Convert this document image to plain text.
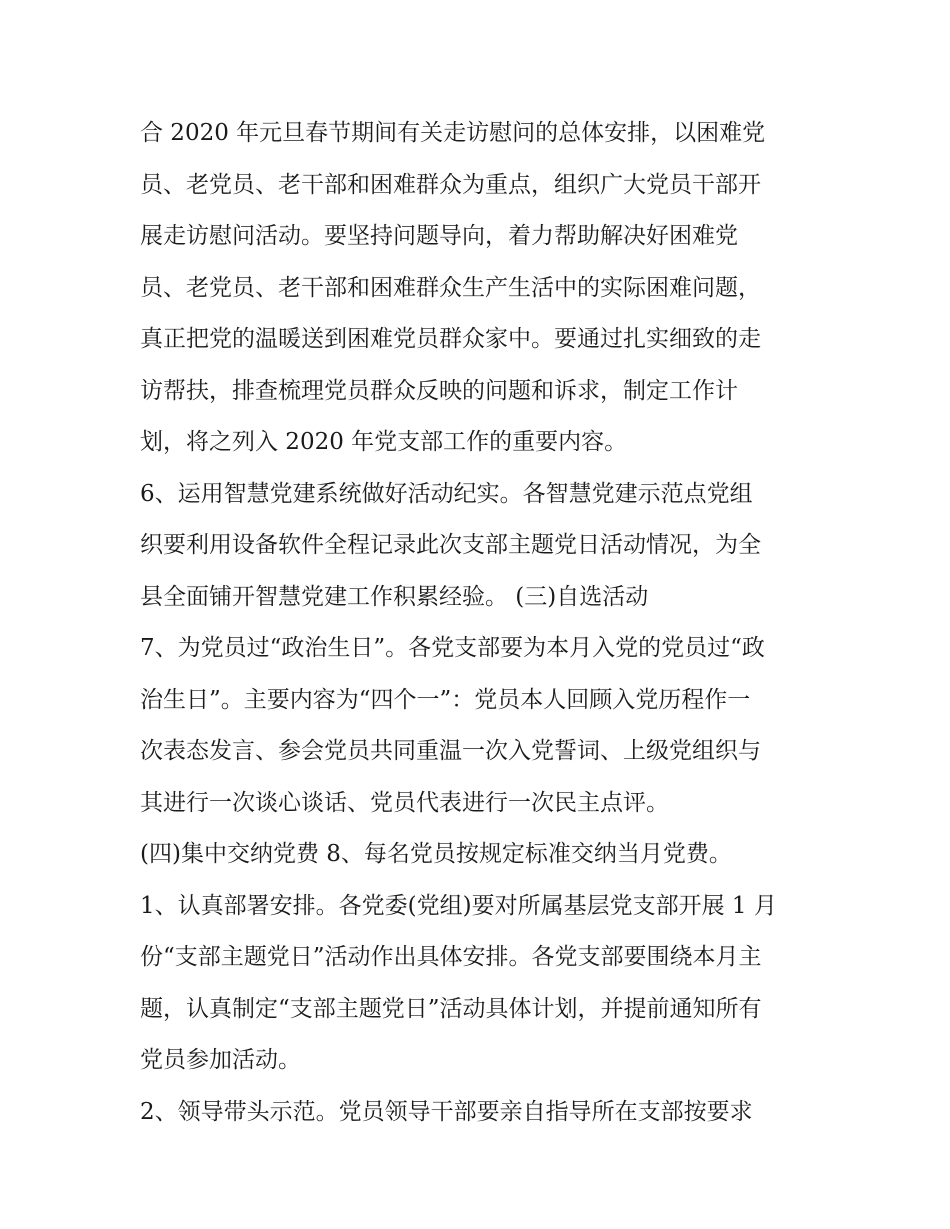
合 2020 年元旦春节期间有关走访慰问的总体安排，以困难党
员、老党员、老干部和困难群众为重点，组织广大党员干部开
展走访慰问活动。要坚持问题导向，着力帮助解决好困难党
员、老党员、老干部和困难群众生产生活中的实际困难问题，
真正把党的温暖送到困难党员群众家中。要通过扎实细致的走
访帮扶，排查梳理党员群众反映的问题和诉求，制定工作计
划，将之列入 2020 年党支部工作的重要内容。
6、运用智慧党建系统做好活动纪实。各智慧党建示范点党组
织要利用设备软件全程记录此次支部主题党日活动情况，为全
县全面铺开智慧党建工作积累经验。 (三)自选活动
7、为党员过“政治生日”。各党支部要为本月入党的党员过“政
治生日”。主要内容为“四个一”：党员本人回顾入党历程作一
次表态发言、参会党员共同重温一次入党誓词、上级党组织与
其进行一次谈心谈话、党员代表进行一次民主点评。
(四)集中交纳党费 8、每名党员按规定标准交纳当月党费。
1、认真部署安排。各党委(党组)要对所属基层党支部开展 1 月
份“支部主题党日”活动作出具体安排。各党支部要围绕本月主
题，认真制定“支部主题党日”活动具体计划，并提前通知所有
党员参加活动。
2、领导带头示范。党员领导干部要亲自指导所在支部按要求
